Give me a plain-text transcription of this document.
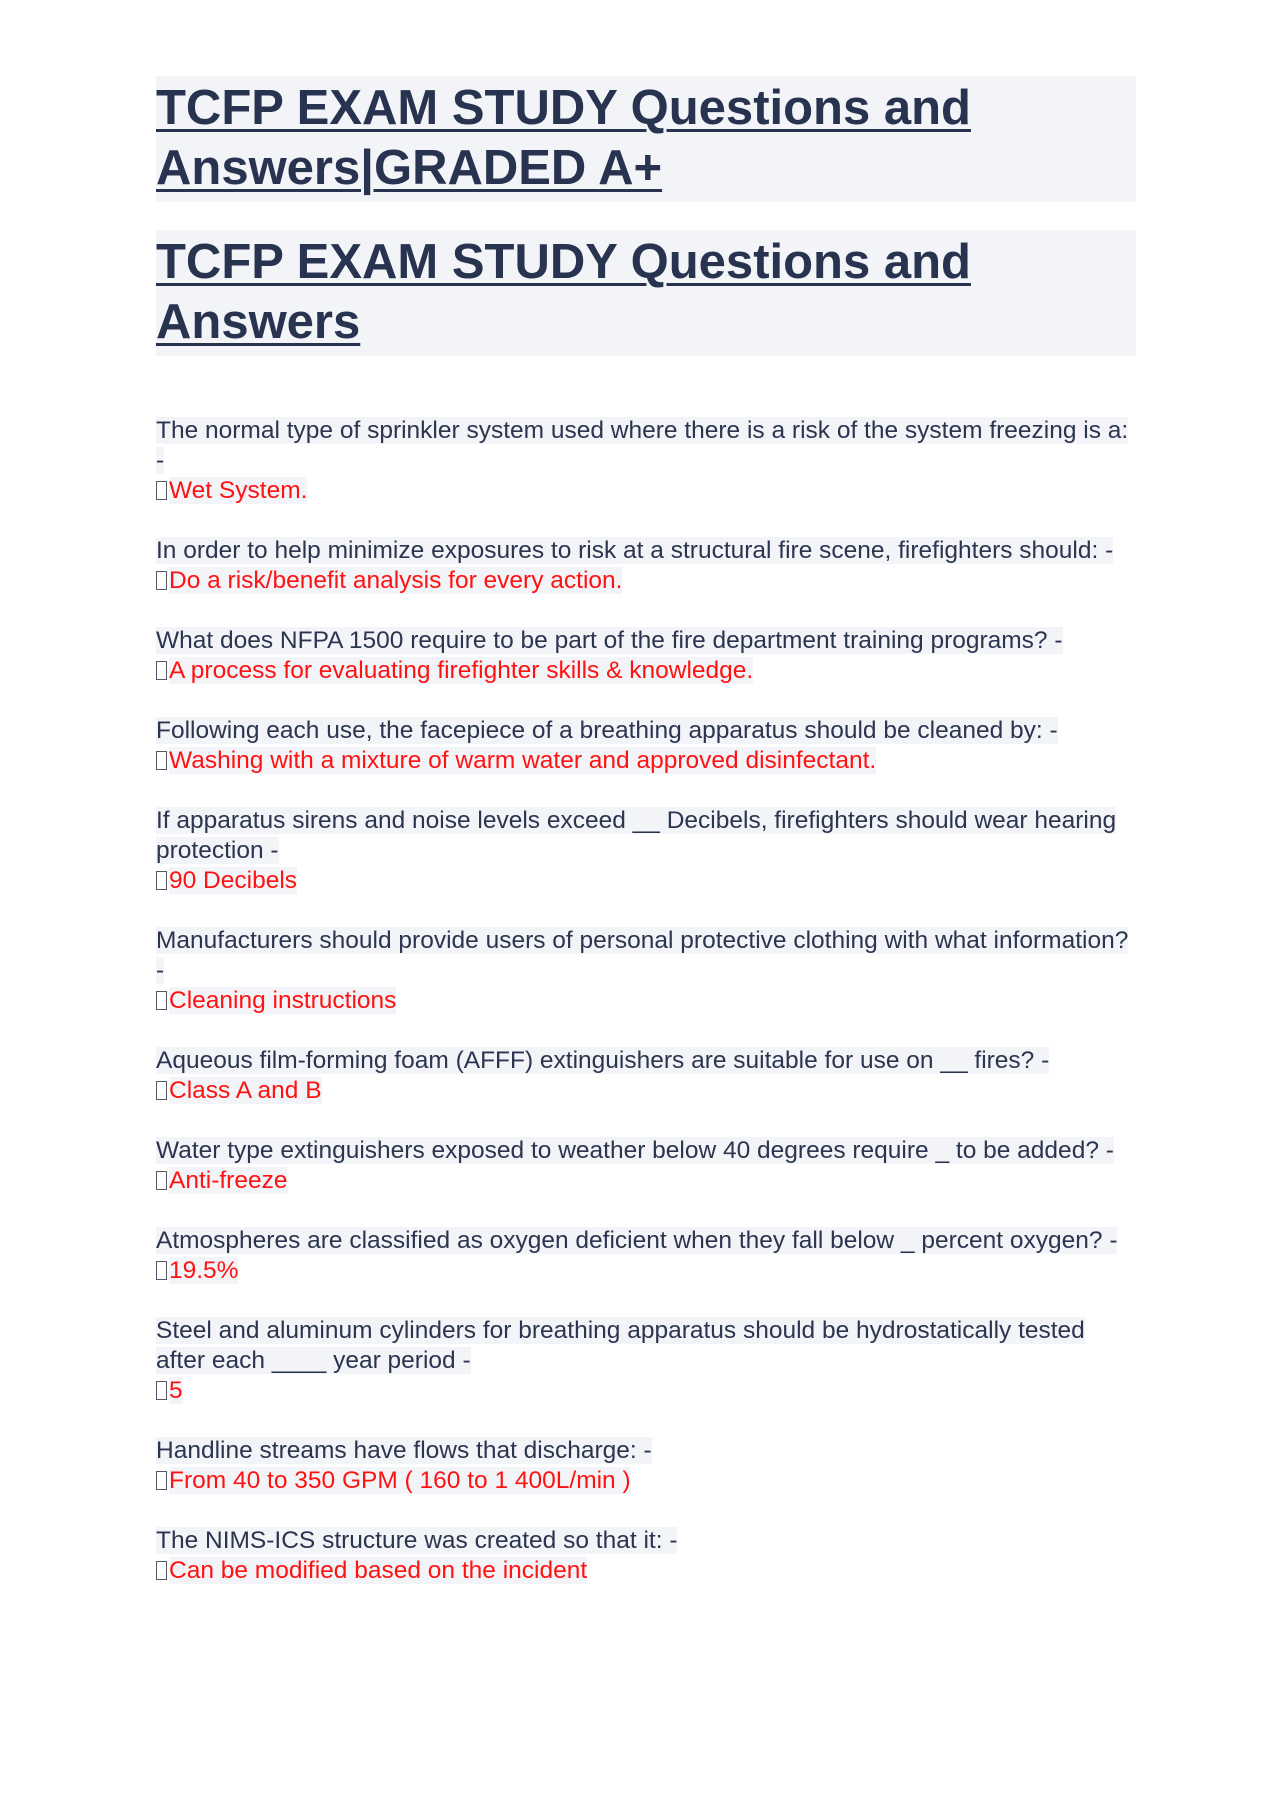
TCFP EXAM STUDY Questions and
Answers|GRADED A+
TCFP EXAM STUDY Questions and
Answers
The normal type of sprinkler system used where there is a risk of the system freezing is a: -
Wet System.
In order to help minimize exposures to risk at a structural fire scene, firefighters should: -
Do a risk/benefit analysis for every action.
What does NFPA 1500 require to be part of the fire department training programs? -
A process for evaluating firefighter skills & knowledge.
Following each use, the facepiece of a breathing apparatus should be cleaned by: -
Washing with a mixture of warm water and approved disinfectant.
If apparatus sirens and noise levels exceed __ Decibels, firefighters should wear hearing protection -
90 Decibels
Manufacturers should provide users of personal protective clothing with what information? -
Cleaning instructions
Aqueous film-forming foam (AFFF) extinguishers are suitable for use on __ fires? -
Class A and B
Water type extinguishers exposed to weather below 40 degrees require _ to be added? -
Anti-freeze
Atmospheres are classified as oxygen deficient when they fall below _ percent oxygen? -
19.5%
Steel and aluminum cylinders for breathing apparatus should be hydrostatically tested after each ____ year period -
5
Handline streams have flows that discharge: -
From 40 to 350 GPM ( 160 to 1 400L/min )
The NIMS-ICS structure was created so that it: -
Can be modified based on the incident
